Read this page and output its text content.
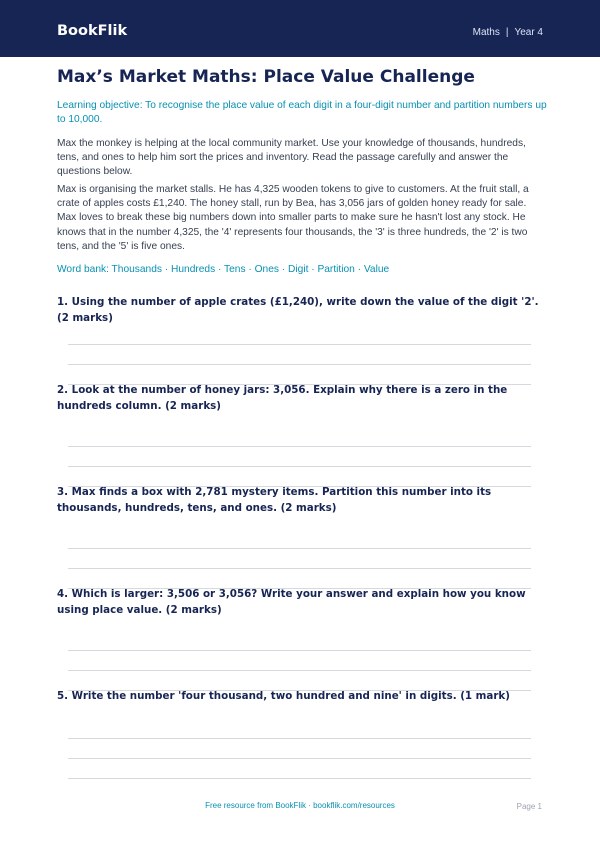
BookFlik	Maths | Year 4
Max’s Market Maths: Place Value Challenge
Learning objective: To recognise the place value of each digit in a four-digit number and partition numbers up to 10,000.
Max the monkey is helping at the local community market. Use your knowledge of thousands, hundreds, tens, and ones to help him sort the prices and inventory. Read the passage carefully and answer the questions below.
Max is organising the market stalls. He has 4,325 wooden tokens to give to customers. At the fruit stall, a crate of apples costs £1,240. The honey stall, run by Bea, has 3,056 jars of golden honey ready for sale. Max loves to break these big numbers down into smaller parts to make sure he hasn't lost any stock. He knows that in the number 4,325, the '4' represents four thousands, the '3' is three hundreds, the '2' is two tens, and the '5' is five ones.
Word bank: Thousands · Hundreds · Tens · Ones · Digit · Partition · Value
1. Using the number of apple crates (£1,240), write down the value of the digit '2'. (2 marks)
2. Look at the number of honey jars: 3,056. Explain why there is a zero in the hundreds column. (2 marks)
3. Max finds a box with 2,781 mystery items. Partition this number into its thousands, hundreds, tens, and ones. (2 marks)
4. Which is larger: 3,506 or 3,056? Write your answer and explain how you know using place value. (2 marks)
5. Write the number 'four thousand, two hundred and nine' in digits. (1 mark)
Free resource from BookFlik · bookflik.com/resources	Page 1
